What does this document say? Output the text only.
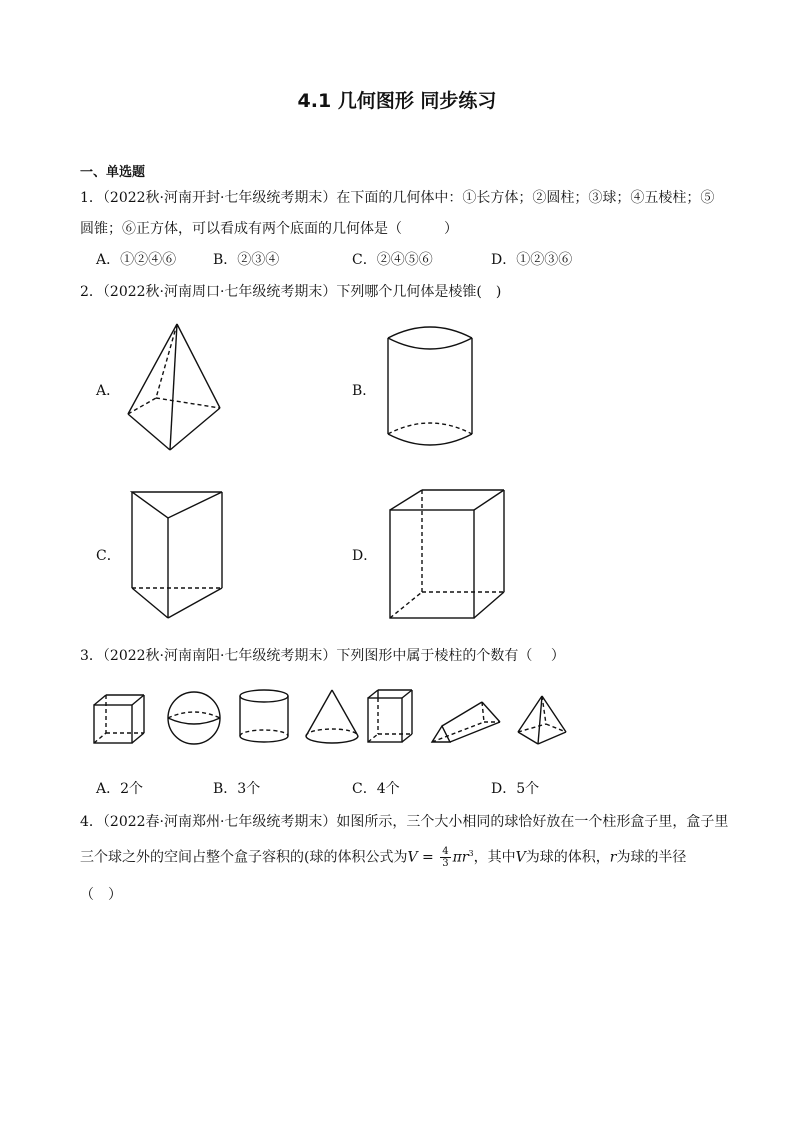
4.1 几何图形 同步练习
一、单选题
1．（2022秋·河南开封·七年级统考期末）在下面的几何体中：①长方体；②圆柱；③球；④五棱柱；⑤
圆锥；⑥正方体，可以看成有两个底面的几何体是（　　　）
A．①②④⑥	B．②③④	C．②④⑤⑥	D．①②③⑥
2．（2022秋·河南周口·七年级统考期末）下列哪个几何体是棱锥(　)
A．	B．
C．	D．
3．（2022秋·河南南阳·七年级统考期末）下列图形中属于棱柱的个数有（　 ）
A．2个	B．3个	C．4个	D．5个
4．（2022春·河南郑州·七年级统考期末）如图所示，三个大小相同的球恰好放在一个柱形盒子里，盒子里
三个球之外的空间占整个盒子容积的(球的体积公式为$V = \frac{4}{3} \pi r^3$，其中V为球的体积，r为球的半径
（　）
